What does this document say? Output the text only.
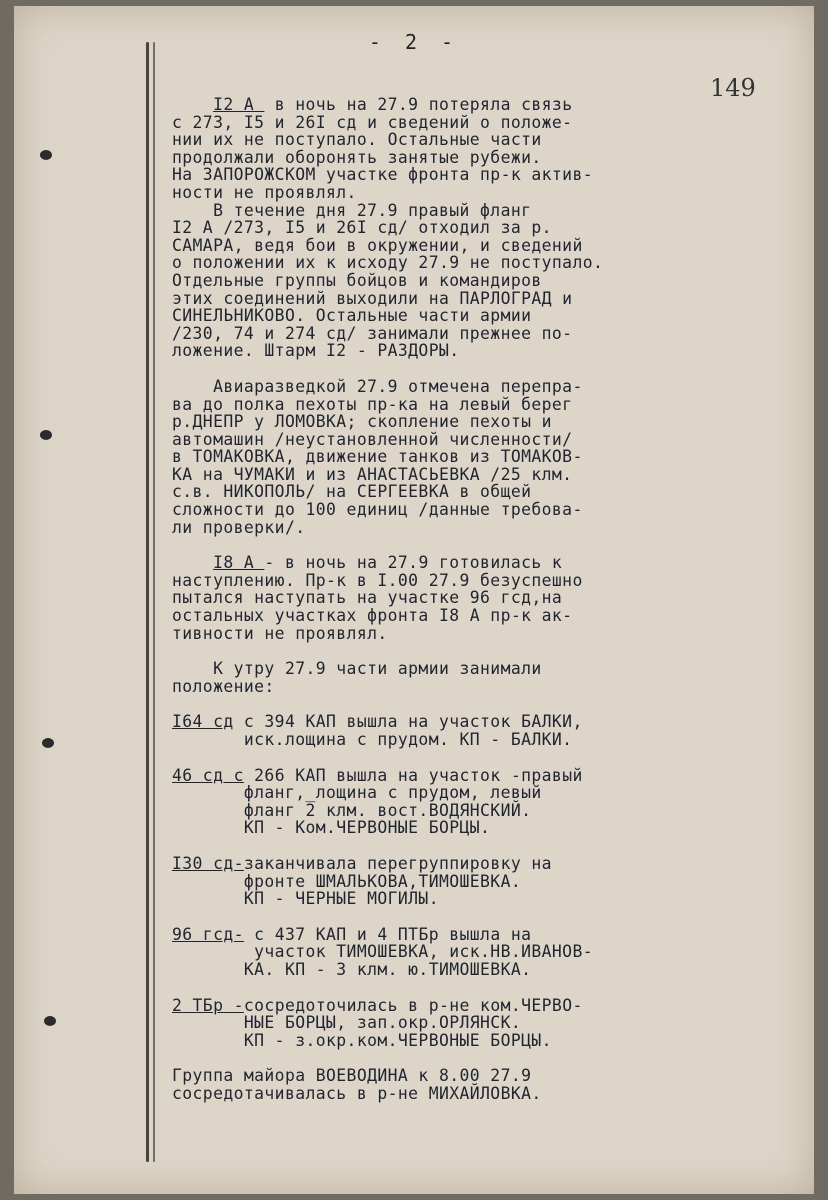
- 2 -
149
I2 А  в ночь на 27.9 потеряла связь
с 273, I5 и 26I сд и сведений о положе-
нии их не поступало. Остальные части
продолжали оборонять занятые рубежи.
На ЗАПОРОЖСКОМ участке фронта пр-к актив-
ности не проявлял.
В течение дня 27.9 правый фланг
I2 А /273, I5 и 26I сд/ отходил за р.
САМАРА, ведя бои в окружении, и сведений
о положении их к исходу 27.9 не поступало.
Отдельные группы бойцов и командиров
этих соединений выходили на ПАРЛОГРАД и
СИНЕЛЬНИКОВО. Остальные части армии
/230, 74 и 274 сд/ занимали прежнее по-
ложение. Штарм I2 - РАЗДОРЫ.
Авиаразведкой 27.9 отмечена перепра-
ва до полка пехоты пр-ка на левый берег
р.ДНЕПР у ЛОМОВКА; скопление пехоты и
автомашин /неустановленной численности/
в ТОМАКОВКА, движение танков из ТОМАКОВ-
КА на ЧУМАКИ и из АНАСТАСЬЕВКА /25 клм.
с.в. НИКОПОЛЬ/ на СЕРГЕЕВКА в общей
сложности до 100 единиц /данные требова-
ли проверки/.
I8 А - в ночь на 27.9 готовилась к
наступлению. Пр-к в I.00 27.9 безуспешно
пытался наступать на участке 96 гсд,на
остальных участках фронта I8 А пр-к ак-
тивности не проявлял.
К утру 27.9 части армии занимали
положение:
I64 сд с 394 КАП вышла на участок БАЛКИ,
иск.лощина с прудом. КП - БАЛКИ.
46 сд с 266 КАП вышла на участок -правый
фланг,_лощина с прудом, левый
фланг 2 клм. вост.ВОДЯНСКИЙ.
КП - Ком.ЧЕРВОНЫЕ БОРЦЫ.
I30 сд-заканчивала перегруппировку на
фронте ШМАЛЬКОВА,ТИМОШЕВКА.
КП - ЧЕРНЫЕ МОГИЛЫ.
96 гсд- с 437 КАП и 4 ПТБр вышла на
участок ТИМОШЕВКА, иск.НВ.ИВАНОВ-
КА. КП - 3 клм. ю.ТИМОШЕВКА.
2 ТБр -сосредоточилась в р-не ком.ЧЕРВО-
НЫЕ БОРЦЫ, зап.окр.ОРЛЯНСК.
КП - з.окр.ком.ЧЕРВОНЫЕ БОРЦЫ.
Группа майора ВОЕВОДИНА к 8.00 27.9
сосредотачивалась в р-не МИХАЙЛОВКА.
